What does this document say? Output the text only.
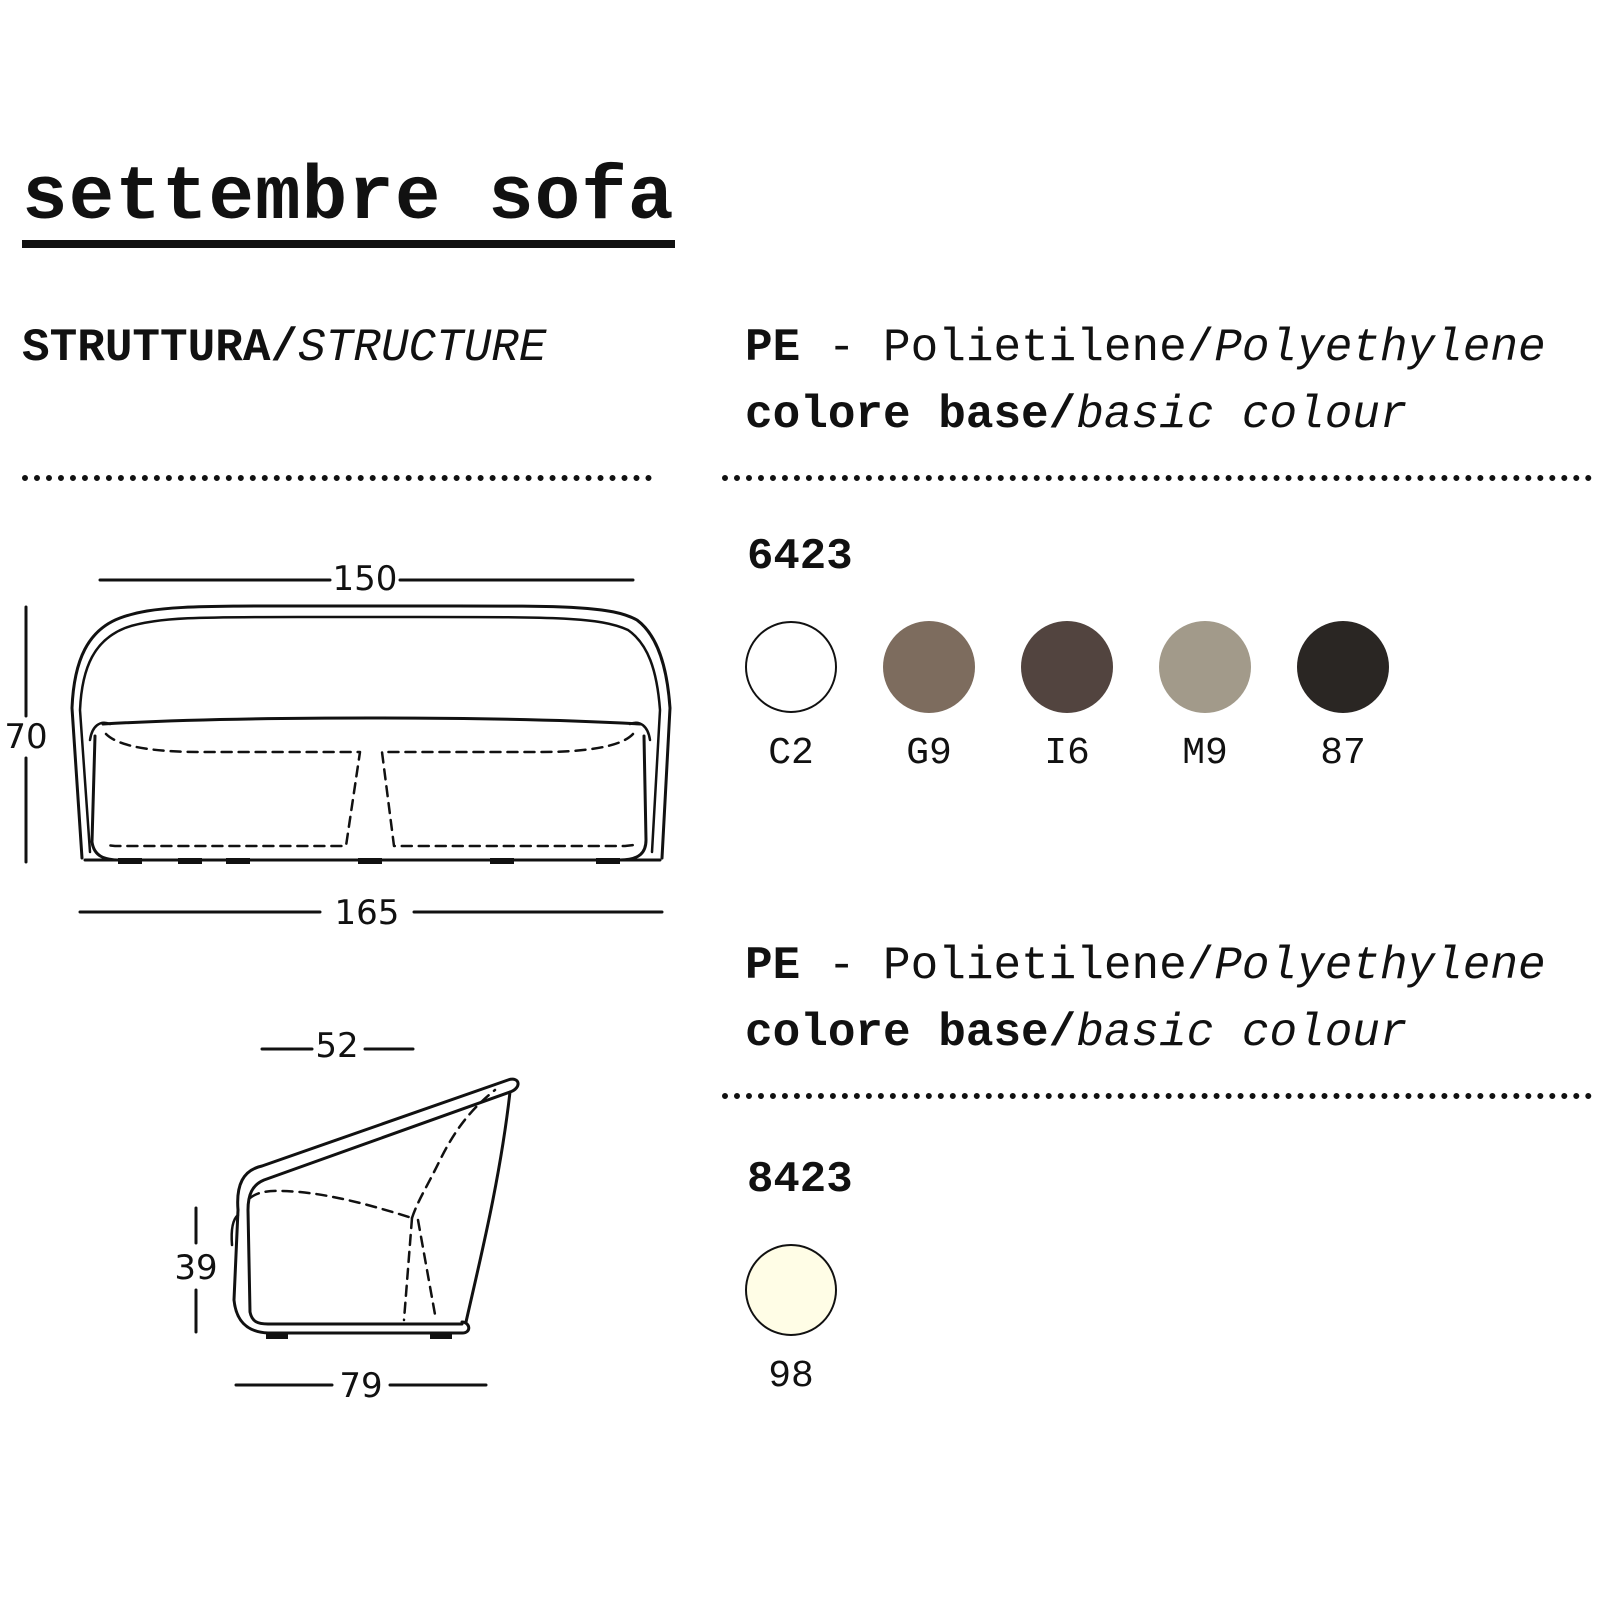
settembre sofa
STRUTTURA/STRUCTURE	PE - Polietilene/Polyethylene
colore base/basic colour
6423
C2	G9	I6	M9	87
PE - Polietilene/Polyethylene
colore base/basic colour
8423
98
150
70
165
52
39
79
